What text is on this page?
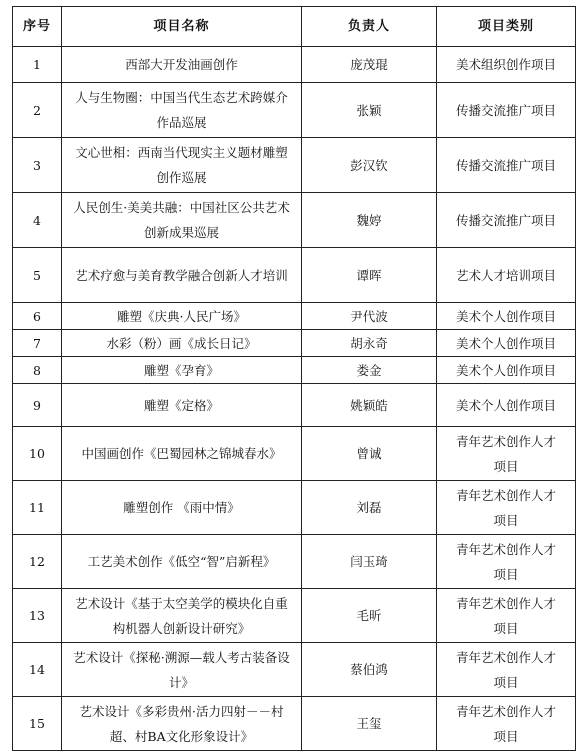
序号	项目名称	负责人	项目类别
1	西部大开发油画创作	庞茂琨	美术组织创作项目
2	人与生物圈：中国当代生态艺术跨媒介作品巡展	张颖	传播交流推广项目
3	文心世相：西南当代现实主义题材雕塑创作巡展	彭汉钦	传播交流推广项目
4	人民创生·美美共融：中国社区公共艺术创新成果巡展	魏婷	传播交流推广项目
5	艺术疗愈与美育教学融合创新人才培训	谭晖	艺术人才培训项目
6	雕塑《庆典·人民广场》	尹代波	美术个人创作项目
7	水彩（粉）画《成长日记》	胡永奇	美术个人创作项目
8	雕塑《孕育》	娄金	美术个人创作项目
9	雕塑《定格》	姚颖皓	美术个人创作项目
10	中国画创作《巴蜀园林之锦城春水》	曾诚	青年艺术创作人才项目
11	雕塑创作 《雨中情》	刘磊	青年艺术创作人才项目
12	工艺美术创作《低空“智”启新程》	闫玉琦	青年艺术创作人才项目
13	艺术设计《基于太空美学的模块化自重构机器人创新设计研究》	毛昕	青年艺术创作人才项目
14	艺术设计《探秘·溯源—载人考古装备设计》	蔡伯鸿	青年艺术创作人才项目
15	艺术设计《多彩贵州·活力四射－－村超、村BA文化形象设计》	王玺	青年艺术创作人才项目
